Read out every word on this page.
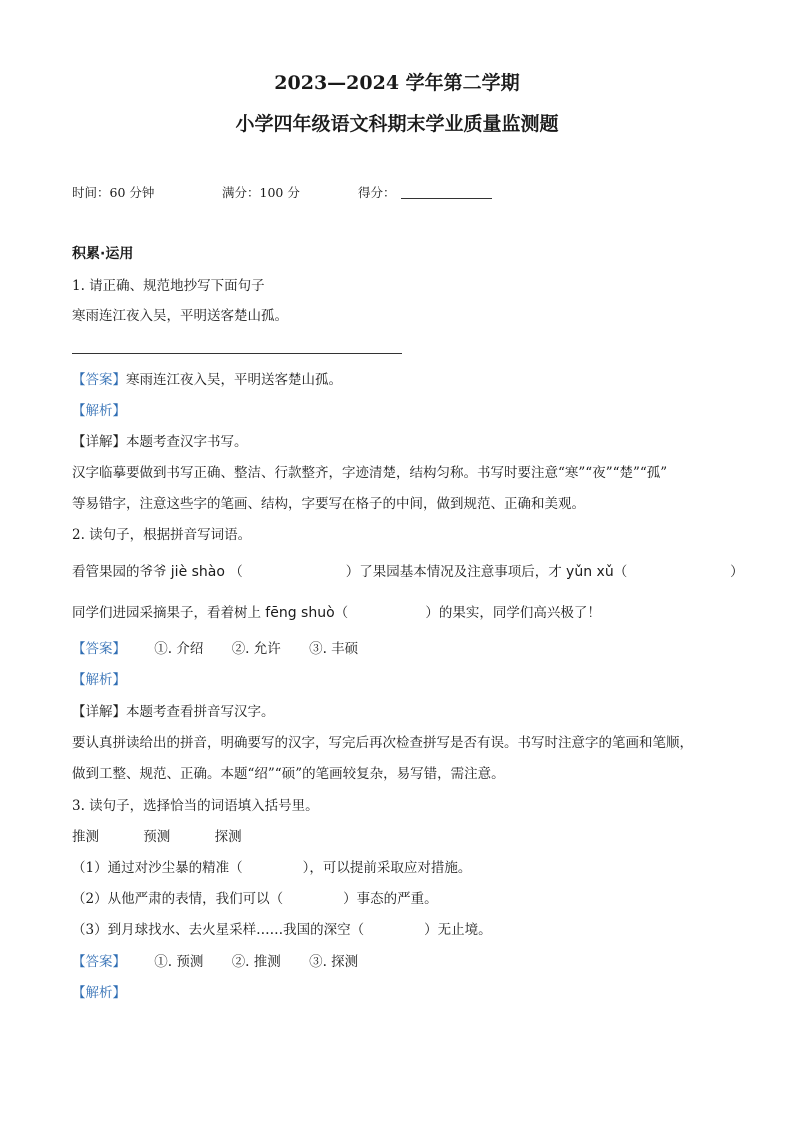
2023—2024 学年第二学期
小学四年级语文科期末学业质量监测题
时间：60 分钟	满分：100 分	得分：
积累·运用
1. 请正确、规范地抄写下面句子
寒雨连江夜入吴，平明送客楚山孤。
【答案】寒雨连江夜入吴，平明送客楚山孤。
【解析】
【详解】本题考查汉字书写。
汉字临摹要做到书写正确、整洁、行款整齐，字迹清楚，结构匀称。书写时要注意“寒”“夜”“楚”“孤”
等易错字，注意这些字的笔画、结构，字要写在格子的中间，做到规范、正确和美观。
2. 读句子，根据拼音写词语。
看管果园的爷爷 jiè shào （                        ）了果园基本情况及注意事项后，才 yǔn xǔ（                        ）
同学们进园采摘果子，看着树上 fēng shuò（                  ）的果实，同学们高兴极了！
【答案】 ①. 介绍 ②. 允许 ③. 丰硕
【解析】
【详解】本题考查看拼音写汉字。
要认真拼读给出的拼音，明确要写的汉字，写完后再次检查拼写是否有误。书写时注意字的笔画和笔顺，
做到工整、规范、正确。本题“绍”“硕”的笔画较复杂，易写错，需注意。
3. 读句子，选择恰当的词语填入括号里。
推测	预测	探测
（1）通过对沙尘暴的精准（              ），可以提前采取应对措施。
（2）从他严肃的表情，我们可以（              ）事态的严重。
（3）到月球找水、去火星采样……我国的深空（              ）无止境。
【答案】 ①. 预测 ②. 推测 ③. 探测
【解析】
